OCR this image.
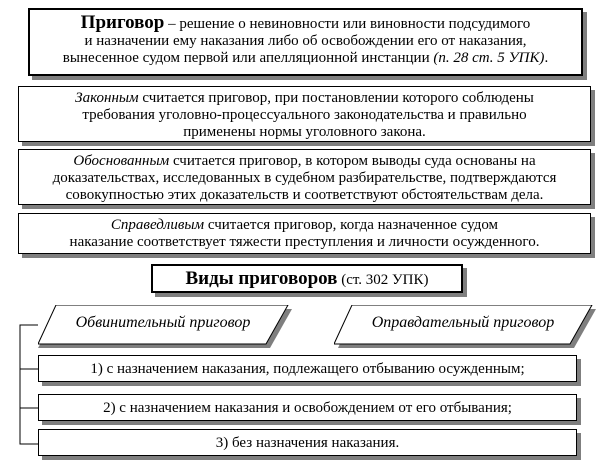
Приговор – решение о невиновности или виновности подсудимого
и назначении ему наказания либо об освобождении его от наказания,
вынесенное судом первой или апелляционной инстанции (п. 28 ст. 5 УПК).
Законным считается приговор, при постановлении которого соблюдены
требования уголовно-процессуального законодательства и правильно
применены нормы уголовного закона.
Обоснованным считается приговор, в котором выводы суда основаны на
доказательствах, исследованных в судебном разбирательстве, подтверждаются
совокупностью этих доказательств и соответствуют обстоятельствам дела.
Справедливым считается приговор, когда назначенное судом
наказание соответствует тяжести преступления и личности осужденного.
Виды приговоров (ст. 302 УПК)
Обвинительный приговор	Оправдательный приговор
1) с назначением наказания, подлежащего отбыванию осужденным;
2) с назначением наказания и освобождением от его отбывания;
3) без назначения наказания.
